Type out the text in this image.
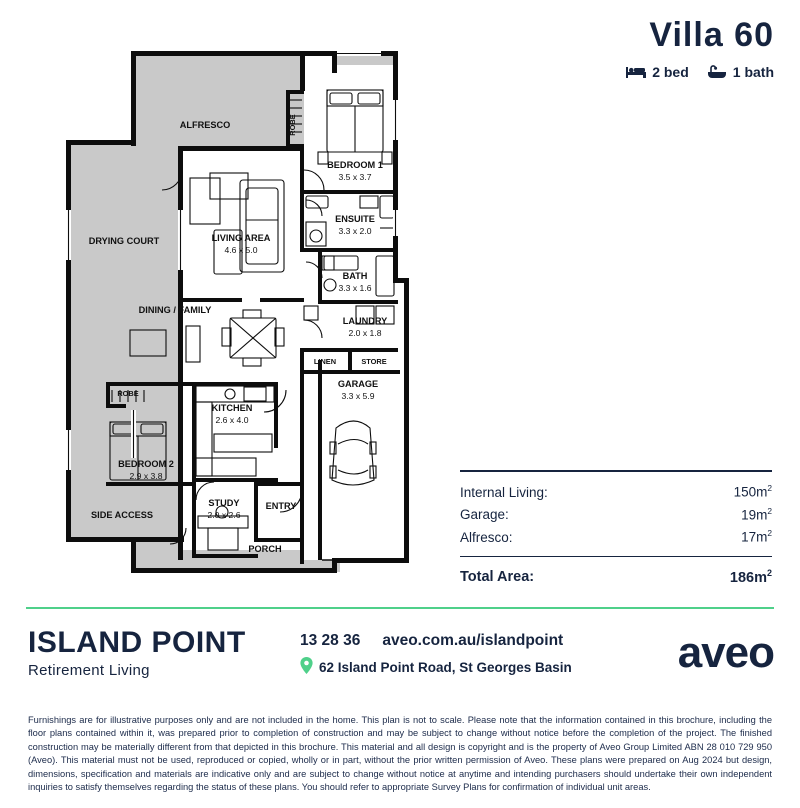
Villa 60
2 bed	1 bath
ALFRESCO
DRYING COURT
ROBE
BEDROOM 1
3.5 x 3.7
ENSUITE
3.3 x 2.0
BATH
3.3 x 1.6
LIVING AREA
4.6 x 5.0
DINING / FAMILY
LAUNDRY
2.0 x 1.8
LINEN	STORE
GARAGE
3.3 x 5.9
ROBE
KITCHEN
2.6 x 4.0
BEDROOM 2
2.9 x 3.8
STUDY
2.0 x 2.6
ENTRY
SIDE ACCESS
PORCH
Internal Living:	$150m^2$
Garage:	$19m^2$
Alfresco:	$17m^2$
Total Area:	$186m^2$
ISLAND POINT
Retirement Living
13 28 36 aveo.com.au/islandpoint
62 Island Point Road, St Georges Basin aveo
Furnishings are for illustrative purposes only and are not included in the home. This plan is not to scale. Please note that the information contained in this brochure, including the floor plans contained within it, was prepared prior to completion of construction and may be subject to change without notice before the completion of the project. The finished construction may be materially different from that depicted in this brochure. This material and all design is copyright and is the property of Aveo Group Limited ABN 28 010 729 950 (Aveo). This material must not be used, reproduced or copied, wholly or in part, without the prior written permission of Aveo. These plans were prepared on Aug 2024 but design, dimensions, specification and materials are indicative only and are subject to change without notice at anytime and intending purchasers should undertake their own independent inquiries to satisfy themselves regarding the status of these plans. You should refer to appropriate Survey Plans for confirmation of individual unit areas.
